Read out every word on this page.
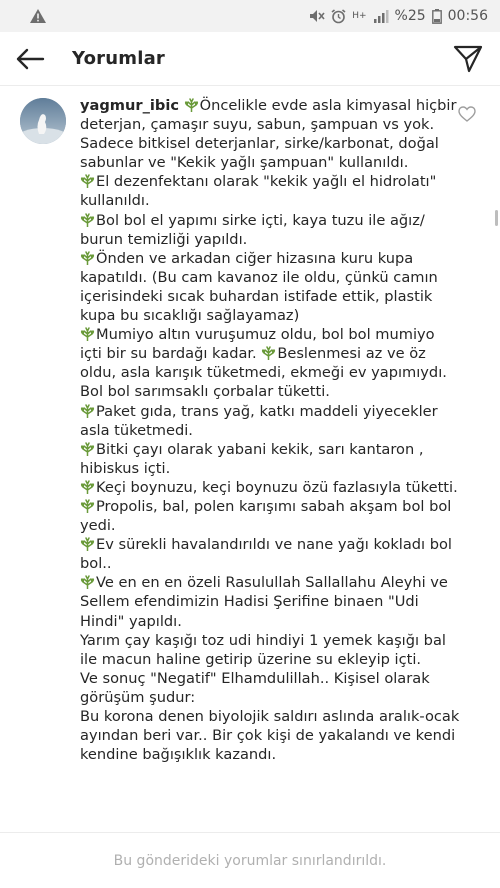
H+ %25 00:56
Yorumlar
yagmur_ibic Öncelikle evde asla kimyasal hiçbir deterjan, çamaşır suyu, sabun, şampuan vs yok. Sadece bitkisel deterjanlar, sirke/karbonat, doğal sabunlar ve "Kekik yağlı şampuan" kullanıldı.
El dezenfektanı olarak "kekik yağlı el hidrolatı" kullanıldı.
Bol bol el yapımı sirke içti, kaya tuzu ile ağız/ burun temizliği yapıldı.
Önden ve arkadan ciğer hizasına kuru kupa kapatıldı. (Bu cam kavanoz ile oldu, çünkü camın içerisindeki sıcak buhardan istifade ettik, plastik kupa bu sıcaklığı sağlayamaz)
Mumiyo altın vuruşumuz oldu, bol bol mumiyo içti bir su bardağı kadar. Beslenmesi az ve öz oldu, asla karışık tüketmedi, ekmeği ev yapımıydı. Bol bol sarımsaklı çorbalar tüketti.
Paket gıda, trans yağ, katkı maddeli yiyecekler asla tüketmedi.
Bitki çayı olarak yabani kekik, sarı kantaron , hibiskus içti.
Keçi boynuzu, keçi boynuzu özü fazlasıyla tüketti.
Propolis, bal, polen karışımı sabah akşam bol bol yedi.
Ev sürekli havalandırıldı ve nane yağı kokladı bol bol..
Ve en en en özeli Rasulullah Sallallahu Aleyhi ve Sellem efendimizin Hadisi Şerifine binaen "Udi Hindi" yapıldı.
Yarım çay kaşığı toz udi hindiyi 1 yemek kaşığı bal ile macun haline getirip üzerine su ekleyip içti.
Ve sonuç "Negatif" Elhamdulillah.. Kişisel olarak görüşüm şudur:
Bu korona denen biyolojik saldırı aslında aralık-ocak ayından beri var.. Bir çok kişi de yakalandı ve kendi kendine bağışıklık kazandı.
Bu gönderideki yorumlar sınırlandırıldı.
